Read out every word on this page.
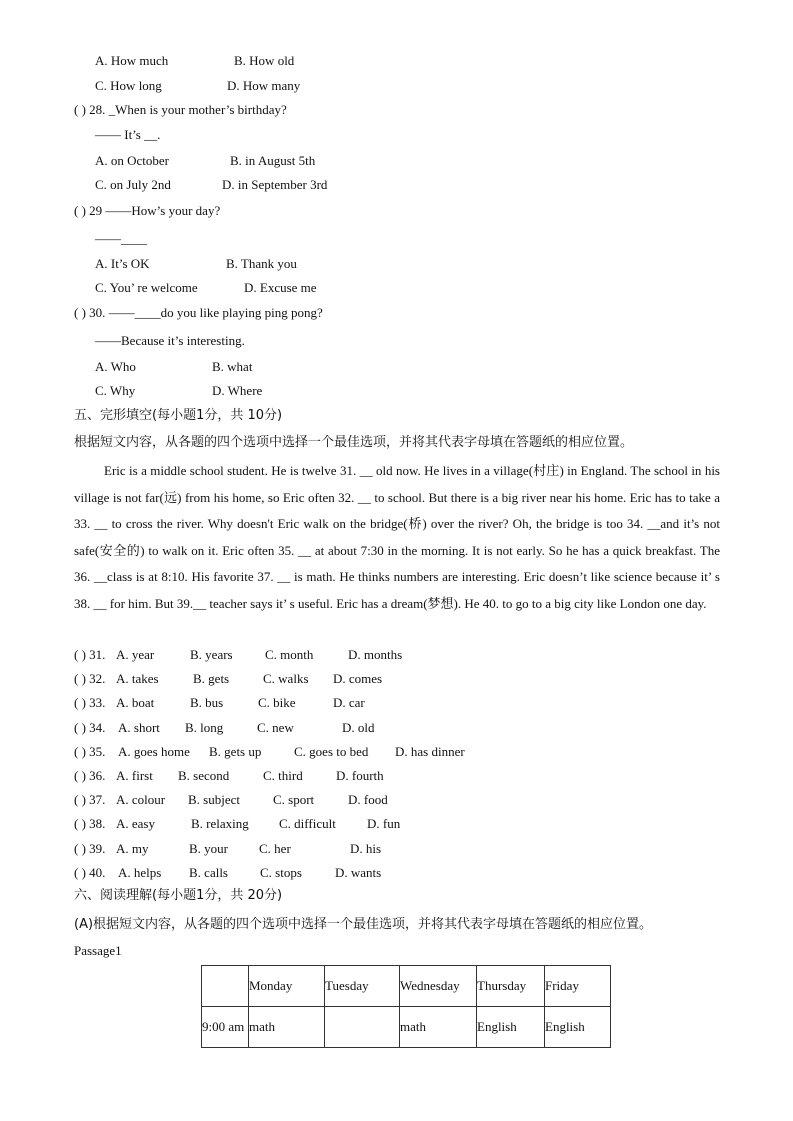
A. How much	B. How old
C. How long	D. How many
( ) 28. _When is your mother’s birthday?
—— It’s __.
A. on October	B. in August 5th
C. on July 2nd	D. in September 3rd
( ) 29 ——How’s your day?
——____
A. It’s OK	B. Thank you
C. You’ re welcome	D. Excuse me
( ) 30. ——____do you like playing ping pong?
——Because it’s interesting.
A. Who	B. what
C. Why	D. Where
五、完形填空(每小题1分，共 10分)
根据短文内容，从各题的四个选项中选择一个最佳选项，并将其代表字母填在答题纸的相应位置。

Eric is a middle school student. He is twelve 31. __ old now. He lives in a village(村庄) in England. The school in his village is not far(远) from his home, so Eric often 32. __ to school. But there is a big river near his home. Eric has to take a 33. __ to cross the river. Why doesn't Eric walk on the bridge(桥) over the river? Oh, the bridge is too 34. __and it’s not safe(安全的) to walk on it. Eric often 35. __ at about 7:30 in the morning. It is not early. So he has a quick breakfast. The 36. __class is at 8:10. His favorite 37. __ is math. He thinks numbers are interesting. Eric doesn’t like science because it’ s 38. __ for him. But 39.__ teacher says it’ s useful. Eric has a dream(梦想). He 40. to go to a big city like London one day.

( ) 31. A. year	B. years C. month	D. months
( ) 32. A. takes	B. gets	C. walks D. comes
( ) 33. A. boat	B. bus	C. bike	D. car
( ) 34. A. short B. long	C. new	D. old
( ) 35. A. goes home B. gets up	C. goes to bed D. has dinner
( ) 36. A. first B. second	C. third	D. fourth
( ) 37. A. colour B. subject	C. sport	D. food
( ) 38. A. easy	B. relaxing C. difficult D. fun
( ) 39. A. my	B. your C. her	D. his
( ) 40. A. helps B. calls C. stops	D. wants
六、阅读理解(每小题1分，共 20分)
(A)根据短文内容，从各题的四个选项中选择一个最佳选项，并将其代表字母填在答题纸的相应位置。
Passage1
	Monday	Tuesday	Wednesday	Thursday	Friday
9:00 am	math		math	English	English
